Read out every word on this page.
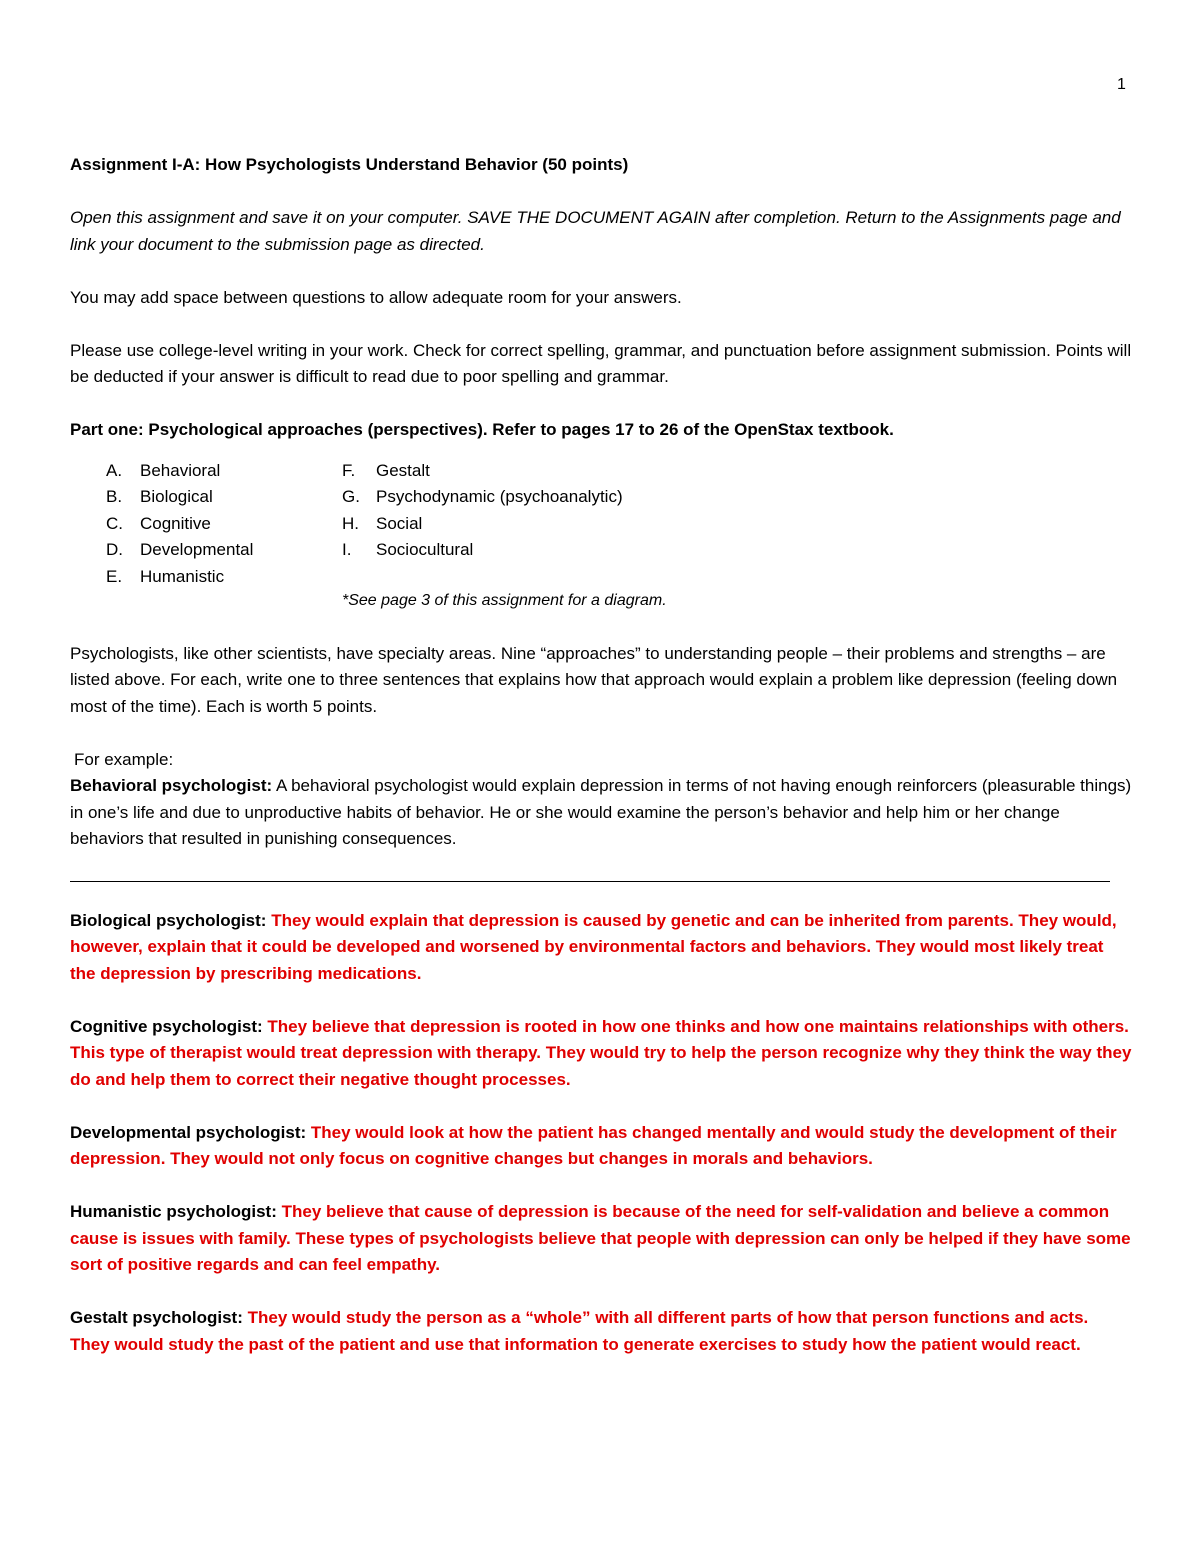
1

Assignment I-A: How Psychologists Understand Behavior (50 points)

Open this assignment and save it on your computer. SAVE THE DOCUMENT AGAIN after completion. Return to the Assignments page and link your document to the submission page as directed.

You may add space between questions to allow adequate room for your answers.

Please use college-level writing in your work. Check for correct spelling, grammar, and punctuation before assignment submission. Points will be deducted if your answer is difficult to read due to poor spelling and grammar.

Part one: Psychological approaches (perspectives). Refer to pages 17 to 26 of the OpenStax textbook.

A.	Behavioral
B.	Biological
C.	Cognitive
D.	Developmental
E.	Humanistic
F.	Gestalt
G. Psychodynamic (psychoanalytic)
H.	Social
I.	Sociocultural

*See page 3 of this assignment for a diagram.

Psychologists, like other scientists, have specialty areas. Nine “approaches” to understanding people – their problems and strengths – are listed above. For each, write one to three sentences that explains how that approach would explain a problem like depression (feeling down most of the time). Each is worth 5 points.

For example:

Behavioral psychologist: A behavioral psychologist would explain depression in terms of not having enough reinforcers (pleasurable things) in one’s life and due to unproductive habits of behavior. He or she would examine the person’s behavior and help him or her change behaviors that resulted in punishing consequences.

Biological psychologist: They would explain that depression is caused by genetic and can be inherited from parents. They would, however, explain that it could be developed and worsened by environmental factors and behaviors. They would most likely treat the depression by prescribing medications.

Cognitive psychologist: They believe that depression is rooted in how one thinks and how one maintains relationships with others. This type of therapist would treat depression with therapy. They would try to help the person recognize why they think the way they do and help them to correct their negative thought processes.

Developmental psychologist: They would look at how the patient has changed mentally and would study the development of their depression. They would not only focus on cognitive changes but changes in morals and behaviors.

Humanistic psychologist: They believe that cause of depression is because of the need for self-validation and believe a common cause is issues with family. These types of psychologists believe that people with depression can only be helped if they have some sort of positive regards and can feel empathy.

Gestalt psychologist: They would study the person as a “whole” with all different parts of how that person functions and acts. They would study the past of the patient and use that information to generate exercises to study how the patient would react.
